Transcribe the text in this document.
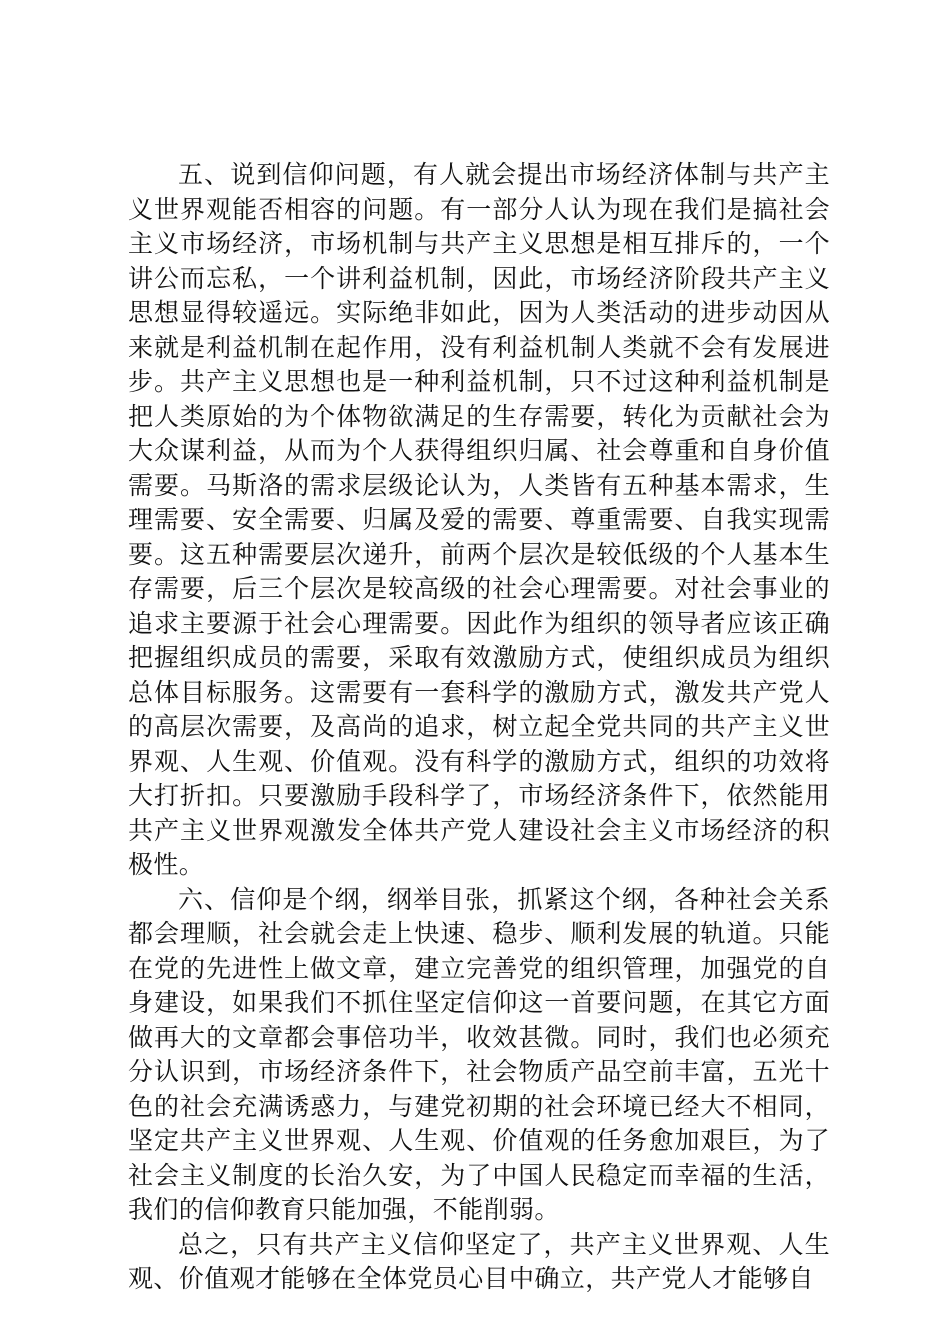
五、说到信仰问题，有人就会提出市场经济体制与共产主义世界观能否相容的问题。有一部分人认为现在我们是搞社会主义市场经济，市场机制与共产主义思想是相互排斥的，一个讲公而忘私，一个讲利益机制，因此，市场经济阶段共产主义思想显得较遥远。实际绝非如此，因为人类活动的进步动因从来就是利益机制在起作用，没有利益机制人类就不会有发展进步。共产主义思想也是一种利益机制，只不过这种利益机制是把人类原始的为个体物欲满足的生存需要，转化为贡献社会为大众谋利益，从而为个人获得组织归属、社会尊重和自身价值需要。马斯洛的需求层级论认为，人类皆有五种基本需求，生理需要、安全需要、归属及爱的需要、尊重需要、自我实现需要。这五种需要层次递升，前两个层次是较低级的个人基本生存需要，后三个层次是较高级的社会心理需要。对社会事业的追求主要源于社会心理需要。因此作为组织的领导者应该正确把握组织成员的需要，采取有效激励方式，使组织成员为组织总体目标服务。这需要有一套科学的激励方式，激发共产党人的高层次需要，及高尚的追求，树立起全党共同的共产主义世界观、人生观、价值观。没有科学的激励方式，组织的功效将大打折扣。只要激励手段科学了，市场经济条件下，依然能用共产主义世界观激发全体共产党人建设社会主义市场经济的积极性。

六、信仰是个纲，纲举目张，抓紧这个纲，各种社会关系都会理顺，社会就会走上快速、稳步、顺利发展的轨道。只能在党的先进性上做文章，建立完善党的组织管理，加强党的自身建设，如果我们不抓住坚定信仰这一首要问题，在其它方面做再大的文章都会事倍功半，收效甚微。同时，我们也必须充分认识到，市场经济条件下，社会物质产品空前丰富，五光十色的社会充满诱惑力，与建党初期的社会环境已经大不相同，坚定共产主义世界观、人生观、价值观的任务愈加艰巨，为了社会主义制度的长治久安，为了中国人民稳定而幸福的生活，我们的信仰教育只能加强，不能削弱。

总之，只有共产主义信仰坚定了，共产主义世界观、人生观、价值观才能够在全体党员心目中确立，共产党人才能够自
